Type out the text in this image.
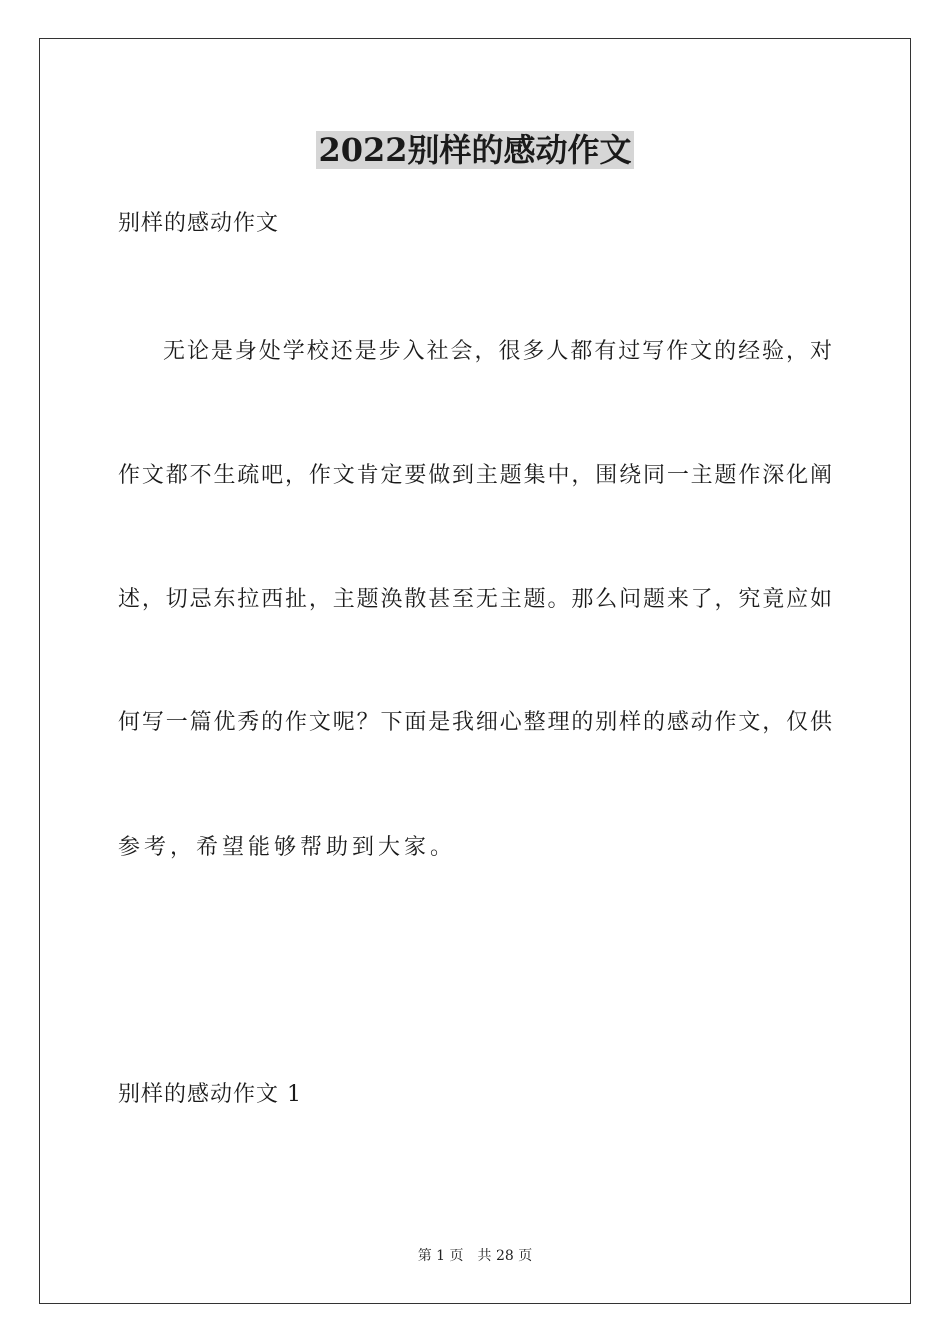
2022别样的感动作文
别样的感动作文
无论是身处学校还是步入社会，很多人都有过写作文的经验，对
作文都不生疏吧，作文肯定要做到主题集中，围绕同一主题作深化阐
述，切忌东拉西扯，主题涣散甚至无主题。那么问题来了，究竟应如
何写一篇优秀的作文呢？下面是我细心整理的别样的感动作文，仅供
参考，希望能够帮助到大家。
别样的感动作文 1
第 1 页 共 28 页
